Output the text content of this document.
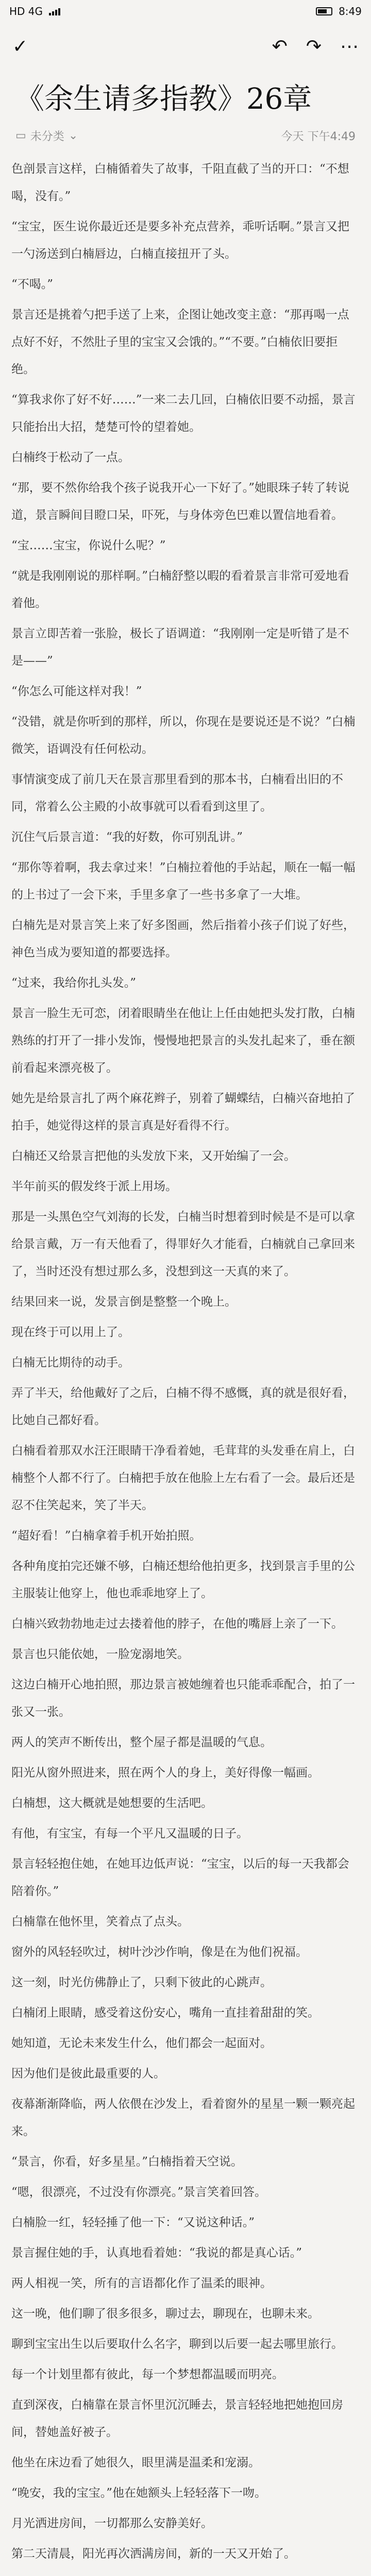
HD 4G	8:49
✓	↶ ↷ ⋯
《余生请多指教》26章
▭ 未分类 ⌄	今天 下午4:49

色剖景言这样，白楠循着失了故事，千阻直截了当的开口：“不想喝，没有。”

“宝宝，医生说你最近还是要多补充点营养，乖听话啊。”景言又把一勺汤送到白楠唇边，白楠直接扭开了头。

“不喝。”

景言还是挑着勺把手送了上来，企图让她改变主意：“那再喝一点点好不好，不然肚子里的宝宝又会饿的。”“不要。”白楠依旧要拒绝。

“算我求你了好不好……”一来二去几回，白楠依旧要不动摇，景言只能抬出大招，楚楚可怜的望着她。

白楠终于松动了一点。

“那，要不然你给我个孩子说我开心一下好了。”她眼珠子转了转说道，景言瞬间目瞪口呆，吓死，与身体旁色巴难以置信地看着。

“宝……宝宝，你说什么呢？”

“就是我刚刚说的那样啊。”白楠舒整以暇的看着景言非常可爱地看着他。

景言立即苦着一张脸，极长了语调道：“我刚刚一定是听错了是不是——”

“你怎么可能这样对我！”

“没错，就是你听到的那样，所以，你现在是要说还是不说？”白楠微笑，语调没有任何松动。

事情演变成了前几天在景言那里看到的那本书，白楠看出旧的不同，常着么公主殿的小故事就可以看看到这里了。

沉住气后景言道：“我的好数，你可别乱讲。”

“那你等着啊，我去拿过来！”白楠拉着他的手站起，顺在一幅一幅的上书过了一会下来，手里多拿了一些书多拿了一大堆。

白楠先是对景言笑上来了好多图画，然后指着小孩子们说了好些，神色当成为要知道的都要选择。

“过来，我给你扎头发。”

景言一脸生无可恋，闭着眼睛坐在他让上任由她把头发打散，白楠熟练的打开了一排小发饰，慢慢地把景言的头发扎起来了，垂在额前看起来漂亮极了。

她先是给景言扎了两个麻花辫子，别着了蝴蝶结，白楠兴奋地拍了拍手，她觉得这样的景言真是好看得不行。

白楠还又给景言把他的头发放下来，又开始编了一会。

半年前买的假发终于派上用场。

那是一头黑色空气刘海的长发，白楠当时想着到时候是不是可以拿给景言戴，万一有天他看了，得罪好久才能看，白楠就自己拿回来了，当时还没有想过那么多，没想到这一天真的来了。

结果回来一说，发景言倒是整整一个晚上。

现在终于可以用上了。

白楠无比期待的动手。

弄了半天，给他戴好了之后，白楠不得不感慨，真的就是很好看，比她自己都好看。

白楠看着那双水汪汪眼睛干净看着她，毛茸茸的头发垂在肩上，白楠整个人都不行了。白楠把手放在他脸上左右看了一会。最后还是忍不住笑起来，笑了半天。

“超好看！”白楠拿着手机开始拍照。

各种角度拍完还嫌不够，白楠还想给他拍更多，找到景言手里的公主服装让他穿上，他也乖乖地穿上了。

白楠兴致勃勃地走过去搂着他的脖子，在他的嘴唇上亲了一下。

景言也只能依她，一脸宠溺地笑。

这边白楠开心地拍照，那边景言被她缠着也只能乖乖配合，拍了一张又一张。

两人的笑声不断传出，整个屋子都是温暖的气息。

阳光从窗外照进来，照在两个人的身上，美好得像一幅画。

白楠想，这大概就是她想要的生活吧。

有他，有宝宝，有每一个平凡又温暖的日子。

景言轻轻抱住她，在她耳边低声说：“宝宝，以后的每一天我都会陪着你。”

白楠靠在他怀里，笑着点了点头。

窗外的风轻轻吹过，树叶沙沙作响，像是在为他们祝福。

这一刻，时光仿佛静止了，只剩下彼此的心跳声。

白楠闭上眼睛，感受着这份安心，嘴角一直挂着甜甜的笑。

她知道，无论未来发生什么，他们都会一起面对。

因为他们是彼此最重要的人。

夜幕渐渐降临，两人依偎在沙发上，看着窗外的星星一颗一颗亮起来。

“景言，你看，好多星星。”白楠指着天空说。

“嗯，很漂亮，不过没有你漂亮。”景言笑着回答。

白楠脸一红，轻轻捶了他一下：“又说这种话。”

景言握住她的手，认真地看着她：“我说的都是真心话。”

两人相视一笑，所有的言语都化作了温柔的眼神。

这一晚，他们聊了很多很多，聊过去，聊现在，也聊未来。

聊到宝宝出生以后要取什么名字，聊到以后要一起去哪里旅行。

每一个计划里都有彼此，每一个梦想都温暖而明亮。

直到深夜，白楠靠在景言怀里沉沉睡去，景言轻轻地把她抱回房间，替她盖好被子。

他坐在床边看了她很久，眼里满是温柔和宠溺。

“晚安，我的宝宝。”他在她额头上轻轻落下一吻。

月光洒进房间，一切都那么安静美好。

第二天清晨，阳光再次洒满房间，新的一天又开始了。
